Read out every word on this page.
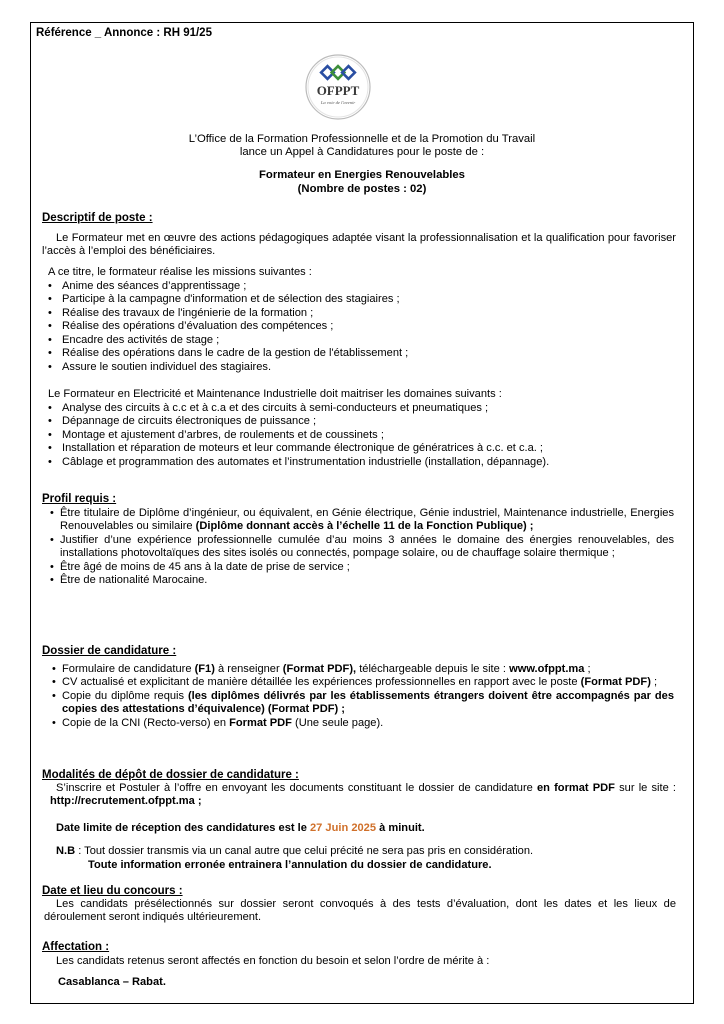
Référence _ Annonce : RH 91/25
OFPPT
La voie de l'avenir
L’Office de la Formation Professionnelle et de la Promotion du Travail
lance un Appel à Candidatures pour le poste de :
Formateur en Energies Renouvelables
(Nombre de postes : 02)
Descriptif de poste :
Le Formateur met en œuvre des actions pédagogiques adaptée visant la professionnalisation et la qualification pour favoriser l’accès à l’emploi des bénéficiaires.
A ce titre, le formateur réalise les missions suivantes :
• Anime des séances d’apprentissage ;
• Participe à la campagne d'information et de sélection des stagiaires ;
• Réalise des travaux de l'ingénierie de la formation ;
• Réalise des opérations d’évaluation des compétences ;
• Encadre des activités de stage ;
• Réalise des opérations dans le cadre de la gestion de l'établissement ;
• Assure le soutien individuel des stagiaires.
Le Formateur en Electricité et Maintenance Industrielle doit maitriser les domaines suivants :
• Analyse des circuits à c.c et à c.a et des circuits à semi-conducteurs et pneumatiques ;
• Dépannage de circuits électroniques de puissance ;
• Montage et ajustement d’arbres, de roulements et de coussinets ;
• Installation et réparation de moteurs et leur commande électronique de génératrices à c.c. et c.a. ;
• Câblage et programmation des automates et l’instrumentation industrielle (installation, dépannage).
Profil requis :
• Être titulaire de Diplôme d’ingénieur, ou équivalent, en Génie électrique, Génie industriel, Maintenance industrielle, Energies Renouvelables ou similaire (Diplôme donnant accès à l’échelle 11 de la Fonction Publique) ;
• Justifier d’une expérience professionnelle cumulée d’au moins 3 années le domaine des énergies renouvelables, des installations photovoltaïques des sites isolés ou connectés, pompage solaire, ou de chauffage solaire thermique ;
• Être âgé de moins de 45 ans à la date de prise de service ;
• Être de nationalité Marocaine.
Dossier de candidature :
• Formulaire de candidature (F1) à renseigner (Format PDF), téléchargeable depuis le site : www.ofppt.ma ;
• CV actualisé et explicitant de manière détaillée les expériences professionnelles en rapport avec le poste (Format PDF) ;
• Copie du diplôme requis (les diplômes délivrés par les établissements étrangers doivent être accompagnés par des copies des attestations d’équivalence) (Format PDF) ;
• Copie de la CNI (Recto-verso) en Format PDF (Une seule page).
Modalités de dépôt de dossier de candidature :
S’inscrire et Postuler à l’offre en envoyant les documents constituant le dossier de candidature en format PDF sur le site : http://recrutement.ofppt.ma ;
Date limite de réception des candidatures est le 27 Juin 2025 à minuit.
N.B : Tout dossier transmis via un canal autre que celui précité ne sera pas pris en considération.
Toute information erronée entrainera l’annulation du dossier de candidature.
Date et lieu du concours :
Les candidats présélectionnés sur dossier seront convoqués à des tests d’évaluation, dont les dates et les lieux de déroulement seront indiqués ultérieurement.
Affectation :
Les candidats retenus seront affectés en fonction du besoin et selon l’ordre de mérite à :
Casablanca – Rabat.
